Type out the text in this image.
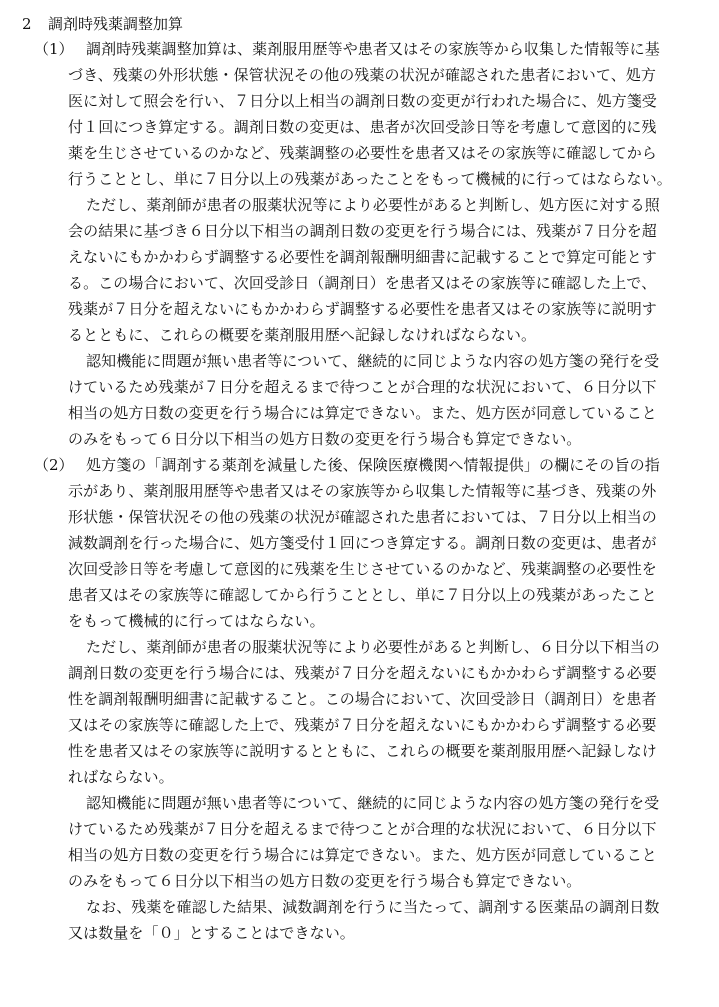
2 調剤時残薬調整加算
（1） 調剤時残薬調整加算は、薬剤服用歴等や患者又はその家族等から収集した情報等に基
づき、残薬の外形状態・保管状況その他の残薬の状況が確認された患者において、処方
医に対して照会を行い、７日分以上相当の調剤日数の変更が行われた場合に、処方箋受
付１回につき算定する。調剤日数の変更は、患者が次回受診日等を考慮して意図的に残
薬を生じさせているのかなど、残薬調整の必要性を患者又はその家族等に確認してから
行うこととし、単に７日分以上の残薬があったことをもって機械的に行ってはならない。
ただし、薬剤師が患者の服薬状況等により必要性があると判断し、処方医に対する照
会の結果に基づき６日分以下相当の調剤日数の変更を行う場合には、残薬が７日分を超
えないにもかかわらず調整する必要性を調剤報酬明細書に記載することで算定可能とす
る。この場合において、次回受診日（調剤日）を患者又はその家族等に確認した上で、
残薬が７日分を超えないにもかかわらず調整する必要性を患者又はその家族等に説明す
るとともに、これらの概要を薬剤服用歴へ記録しなければならない。
認知機能に問題が無い患者等について、継続的に同じような内容の処方箋の発行を受
けているため残薬が７日分を超えるまで待つことが合理的な状況において、６日分以下
相当の処方日数の変更を行う場合には算定できない。また、処方医が同意していること
のみをもって６日分以下相当の処方日数の変更を行う場合も算定できない。
（2） 処方箋の「調剤する薬剤を減量した後、保険医療機関へ情報提供」の欄にその旨の指
示があり、薬剤服用歴等や患者又はその家族等から収集した情報等に基づき、残薬の外
形状態・保管状況その他の残薬の状況が確認された患者においては、７日分以上相当の
減数調剤を行った場合に、処方箋受付１回につき算定する。調剤日数の変更は、患者が
次回受診日等を考慮して意図的に残薬を生じさせているのかなど、残薬調整の必要性を
患者又はその家族等に確認してから行うこととし、単に７日分以上の残薬があったこと
をもって機械的に行ってはならない。
ただし、薬剤師が患者の服薬状況等により必要性があると判断し、６日分以下相当の
調剤日数の変更を行う場合には、残薬が７日分を超えないにもかかわらず調整する必要
性を調剤報酬明細書に記載すること。この場合において、次回受診日（調剤日）を患者
又はその家族等に確認した上で、残薬が７日分を超えないにもかかわらず調整する必要
性を患者又はその家族等に説明するとともに、これらの概要を薬剤服用歴へ記録しなけ
ればならない。
認知機能に問題が無い患者等について、継続的に同じような内容の処方箋の発行を受
けているため残薬が７日分を超えるまで待つことが合理的な状況において、６日分以下
相当の処方日数の変更を行う場合には算定できない。また、処方医が同意していること
のみをもって６日分以下相当の処方日数の変更を行う場合も算定できない。
なお、残薬を確認した結果、減数調剤を行うに当たって、調剤する医薬品の調剤日数
又は数量を「０」とすることはできない。
